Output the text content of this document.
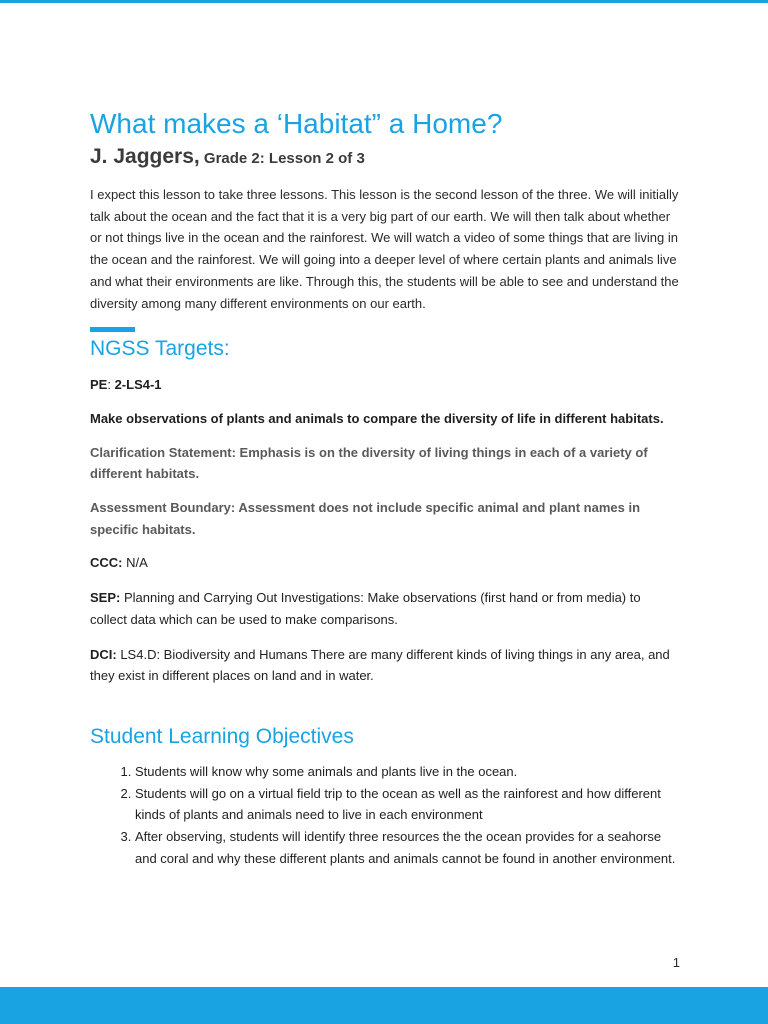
What makes a ‘Habitat” a Home?
J. Jaggers, Grade 2: Lesson 2 of 3

I expect this lesson to take three lessons. This lesson is the second lesson of the three. We will initially talk about the ocean and the fact that it is a very big part of our earth. We will then talk about whether or not things live in the ocean and the rainforest. We will watch a video of some things that are living in the ocean and the rainforest. We will going into a deeper level of where certain plants and animals live and what their environments are like. Through this, the students will be able to see and understand the diversity among many different environments on our earth.

NGSS Targets:

PE: 2-LS4-1

Make observations of plants and animals to compare the diversity of life in different habitats.

Clarification Statement: Emphasis is on the diversity of living things in each of a variety of different habitats.

Assessment Boundary: Assessment does not include specific animal and plant names in specific habitats.

CCC: N/A

SEP: Planning and Carrying Out Investigations: Make observations (first hand or from media) to collect data which can be used to make comparisons.

DCI: LS4.D: Biodiversity and Humans There are many different kinds of living things in any area, and they exist in different places on land and in water.

Student Learning Objectives
1. Students will know why some animals and plants live in the ocean.
2. Students will go on a virtual field trip to the ocean as well as the rainforest and how different kinds of plants and animals need to live in each environment
3. After observing, students will identify three resources the the ocean provides for a seahorse and coral and why these different plants and animals cannot be found in another environment.
1
